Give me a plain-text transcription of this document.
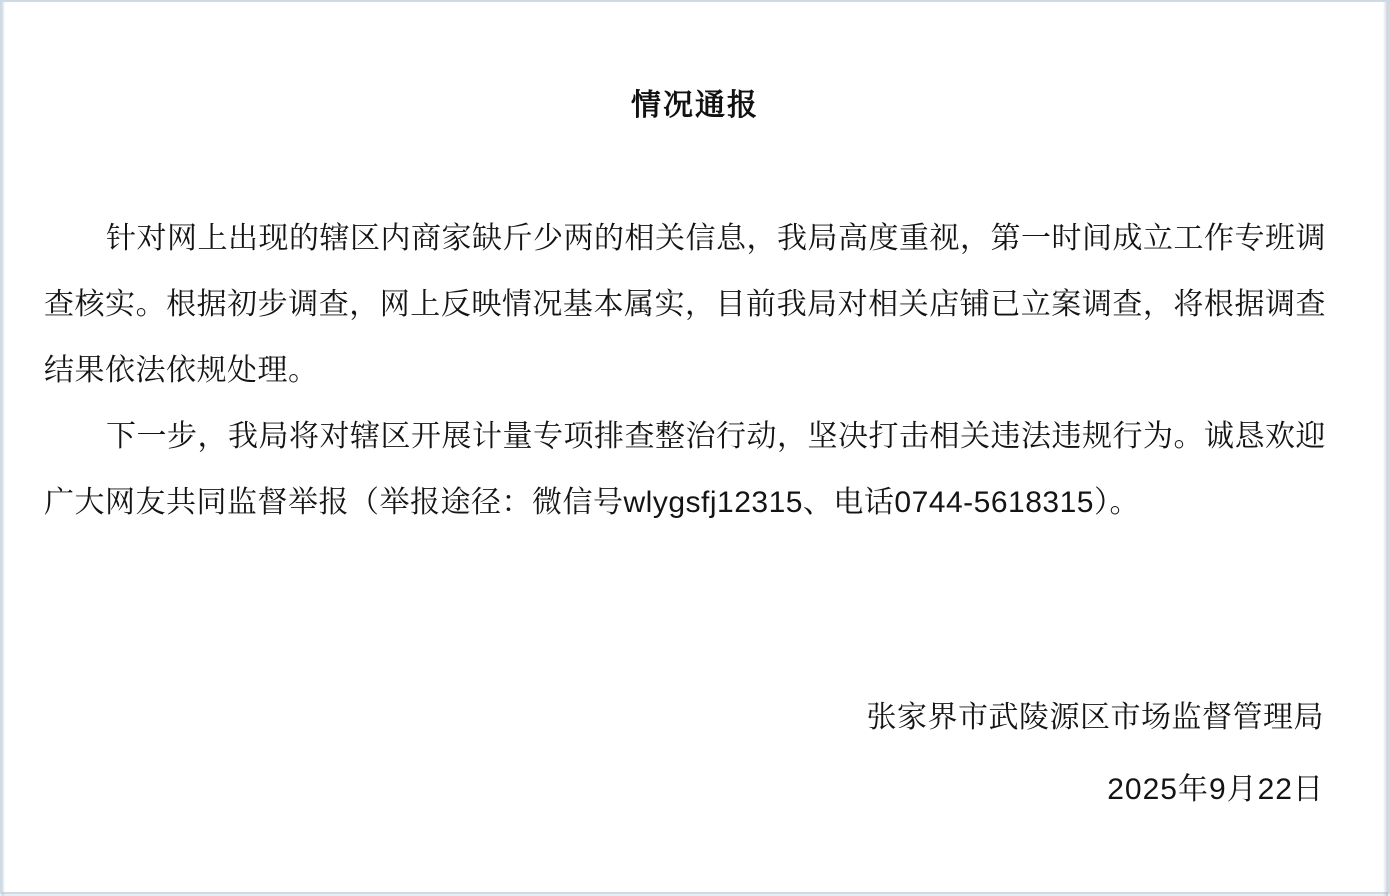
情况通报

针对网上出现的辖区内商家缺斤少两的相关信息，我局高度重视，第一时间成立工作专班调查核实。根据初步调查，网上反映情况基本属实，目前我局对相关店铺已立案调查，将根据调查结果依法依规处理。

下一步，我局将对辖区开展计量专项排查整治行动，坚决打击相关违法违规行为。诚恳欢迎广大网友共同监督举报（举报途径：微信号wlygsfj12315、电话0744-5618315）。

张家界市武陵源区市场监督管理局
2025年9月22日
